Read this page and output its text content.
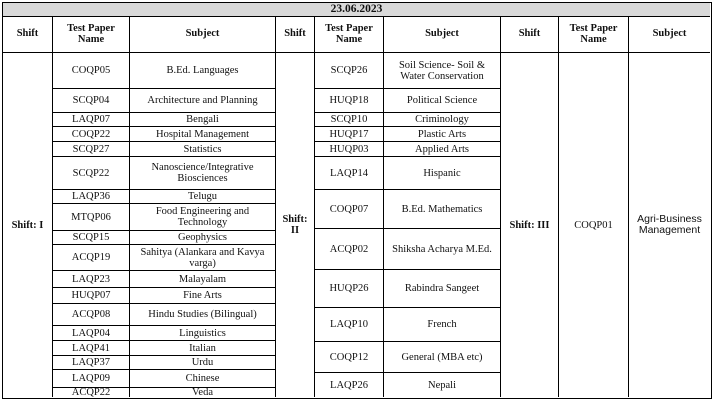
23.06.2023
Shift	Test Paper Name	Subject	Shift	Test Paper Name	Subject	Shift	Test Paper Name	Subject
Shift: I
COQP05	B.Ed. Languages
SCQP04	Architecture and Planning
LAQP07	Bengali
COQP22	Hospital Management
SCQP27	Statistics
SCQP22	Nanoscience/Integrative Biosciences
LAQP36	Telugu
MTQP06	Food Engineering and Technology
SCQP15	Geophysics
ACQP19	Sahitya (Alankara and Kavya varga)
LAQP23	Malayalam
HUQP07	Fine Arts
ACQP08	Hindu Studies (Bilingual)
LAQP04	Linguistics
LAQP41	Italian
LAQP37	Urdu
LAQP09	Chinese
ACQP22	Veda
Shift: II
SCQP26	Soil Science- Soil & Water Conservation
HUQP18	Political Science
SCQP10	Criminology
HUQP17	Plastic Arts
HUQP03	Applied Arts
LAQP14	Hispanic
COQP07	B.Ed. Mathematics
ACQP02	Shiksha Acharya M.Ed.
HUQP26	Rabindra Sangeet
LAQP10	French
COQP12	General (MBA etc)
LAQP26	Nepali
Shift: III	COQP01	Agri-Business Management
